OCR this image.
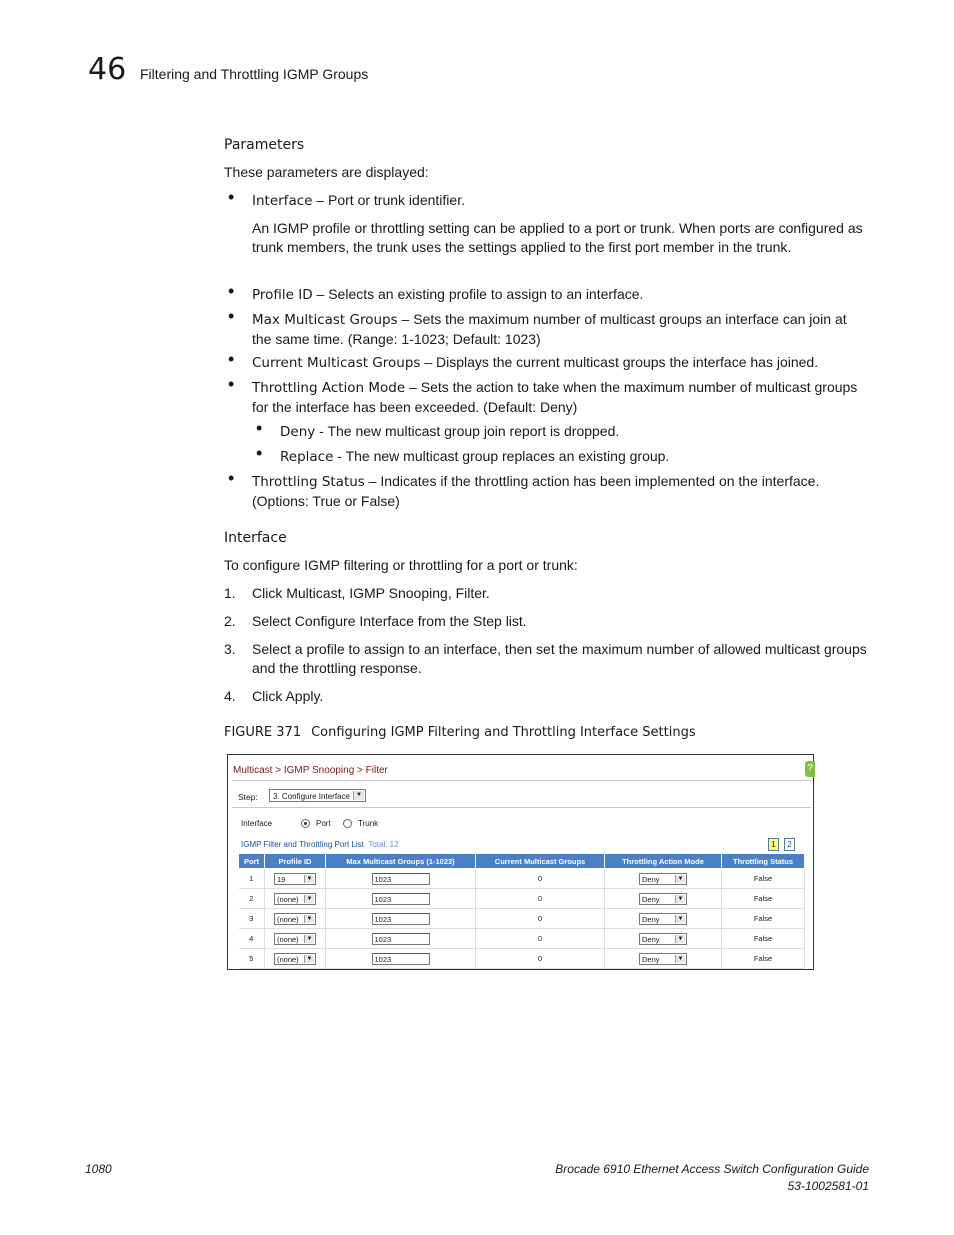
46 Filtering and Throttling IGMP Groups
Parameters
These parameters are displayed:
• Interface – Port or trunk identifier.
An IGMP profile or throttling setting can be applied to a port or trunk. When ports are configured as trunk members, the trunk uses the settings applied to the first port member in the trunk.
• Profile ID – Selects an existing profile to assign to an interface.
• Max Multicast Groups – Sets the maximum number of multicast groups an interface can join at the same time. (Range: 1-1023; Default: 1023)
• Current Multicast Groups – Displays the current multicast groups the interface has joined.
• Throttling Action Mode – Sets the action to take when the maximum number of multicast groups for the interface has been exceeded. (Default: Deny)
• Deny - The new multicast group join report is dropped.
• Replace - The new multicast group replaces an existing group.
• Throttling Status – Indicates if the throttling action has been implemented on the interface. (Options: True or False)
Interface
To configure IGMP filtering or throttling for a port or trunk:
1. Click Multicast, IGMP Snooping, Filter.
2. Select Configure Interface from the Step list.
3. Select a profile to assign to an interface, then set the maximum number of allowed multicast groups and the throttling response.
4. Click Apply.
FIGURE 371 Configuring IGMP Filtering and Throttling Interface Settings
Multicast > IGMP Snooping > Filter	?
Step:	3. Configure Interface	▼
Interface	Port	Trunk
IGMP Filter and Throttling Port List Total: 12	1	2
Port	Profile ID	Max Multicast Groups (1-1023)	Current Multicast Groups	Throttling Action Mode	Throttling Status
1	19 ▼	1023	0	Deny ▼	False
2	(none) ▼	1023	0	Deny ▼	False
3	(none) ▼	1023	0	Deny ▼	False
4	(none) ▼	1023	0	Deny ▼	False
5	(none) ▼	1023	0	Deny ▼	False
1080	Brocade 6910 Ethernet Access Switch Configuration Guide
53-1002581-01
